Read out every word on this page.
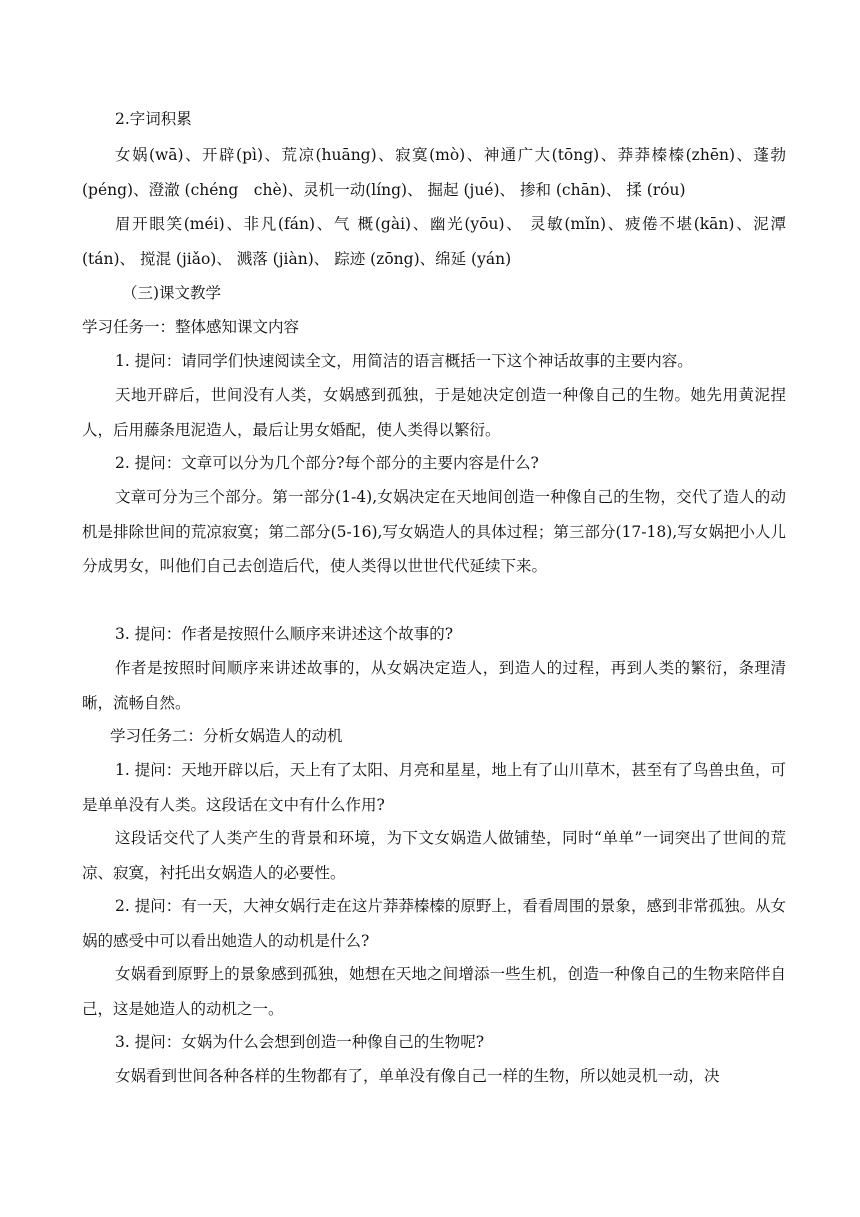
2.字词积累

女娲(wā)、开辟(pì)、荒凉(huāng)、寂寞(mò)、神通广大(tōng)、莽莽榛榛(zhēn)、蓬勃 (péng)、澄澈 (chéng　chè)、灵机一动(líng)、 掘起 (jué)、 掺和 (chān)、 揉 (róu)

眉开眼笑(méi)、非凡(fán)、气 概(gài)、幽光(yōu)、 灵敏(mǐn)、疲倦不堪(kān)、泥潭 (tán)、 搅混 (jiǎo)、 溅落 (jiàn)、 踪迹 (zōng)、绵延 (yán)

（三)课文教学

学习任务一：整体感知课文内容

1. 提问：请同学们快速阅读全文，用简洁的语言概括一下这个神话故事的主要内容。

天地开辟后，世间没有人类，女娲感到孤独，于是她决定创造一种像自己的生物。她先用黄泥捏人，后用藤条甩泥造人，最后让男女婚配，使人类得以繁衍。

2. 提问：文章可以分为几个部分?每个部分的主要内容是什么?

文章可分为三个部分。第一部分(1-4),女娲决定在天地间创造一种像自己的生物，交代了造人的动机是排除世间的荒凉寂寞；第二部分(5-16),写女娲造人的具体过程；第三部分(17-18),写女娲把小人儿分成男女，叫他们自己去创造后代，使人类得以世世代代延续下来。

3. 提问：作者是按照什么顺序来讲述这个故事的?

作者是按照时间顺序来讲述故事的，从女娲决定造人，到造人的过程，再到人类的繁衍，条理清晰，流畅自然。

学习任务二：分析女娲造人的动机

1. 提问：天地开辟以后，天上有了太阳、月亮和星星，地上有了山川草木，甚至有了鸟兽虫鱼，可是单单没有人类。这段话在文中有什么作用?

这段话交代了人类产生的背景和环境，为下文女娲造人做铺垫，同时“单单”一词突出了世间的荒凉、寂寞，衬托出女娲造人的必要性。

2. 提问：有一天，大神女娲行走在这片莽莽榛榛的原野上，看看周围的景象，感到非常孤独。从女娲的感受中可以看出她造人的动机是什么?

女娲看到原野上的景象感到孤独，她想在天地之间增添一些生机，创造一种像自己的生物来陪伴自己，这是她造人的动机之一。

3. 提问：女娲为什么会想到创造一种像自己的生物呢?

女娲看到世间各种各样的生物都有了，单单没有像自己一样的生物，所以她灵机一动，决
